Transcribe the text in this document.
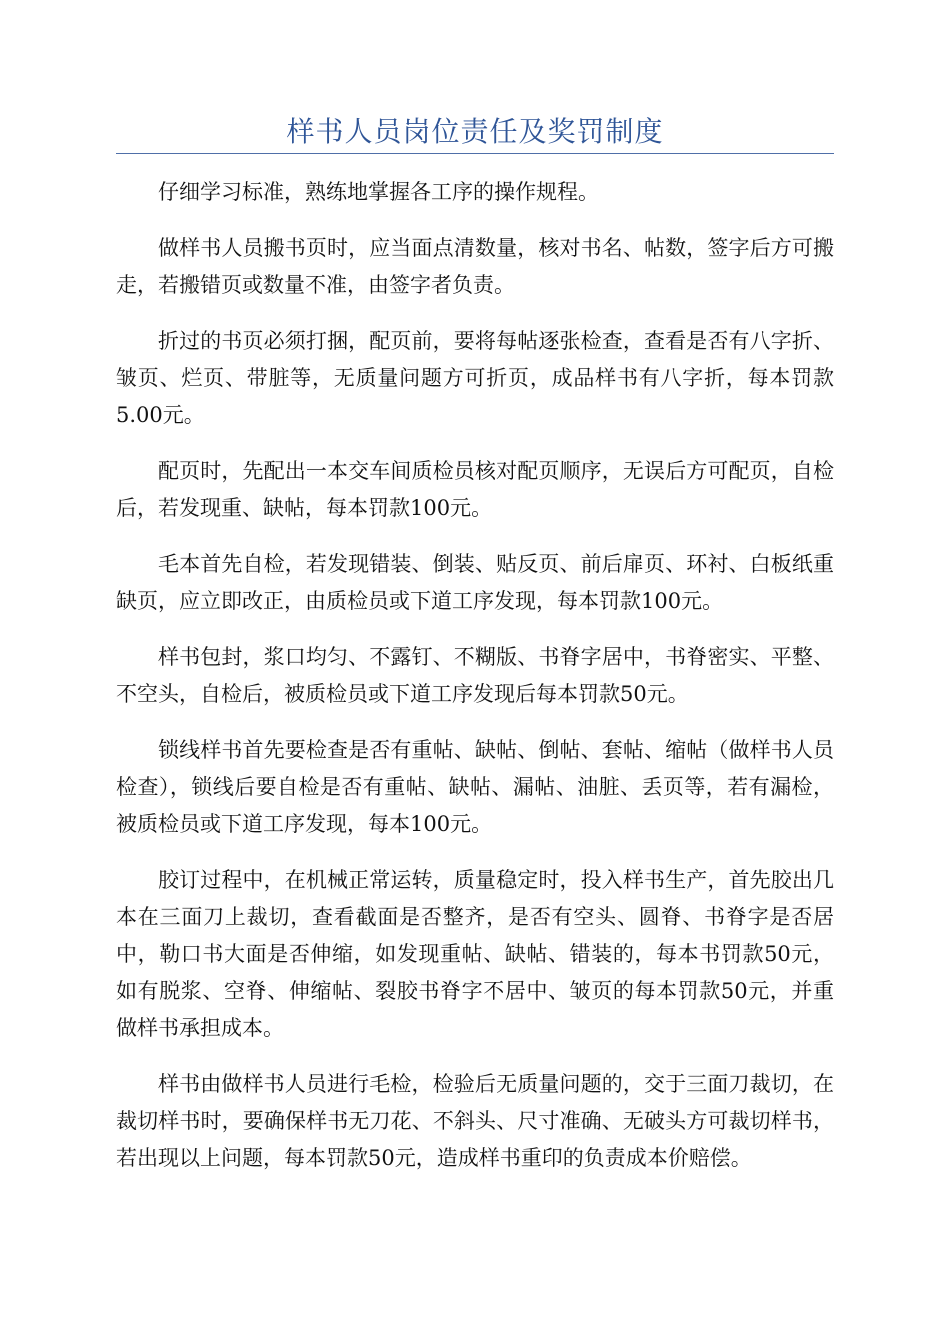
样书人员岗位责任及奖罚制度

仔细学习标准，熟练地掌握各工序的操作规程。

做样书人员搬书页时，应当面点清数量，核对书名、帖数，签字后方可搬走，若搬错页或数量不准，由签字者负责。

折过的书页必须打捆，配页前，要将每帖逐张检查，查看是否有八字折、皱页、烂页、带脏等，无质量问题方可折页，成品样书有八字折，每本罚款5.00元。

配页时，先配出一本交车间质检员核对配页顺序，无误后方可配页，自检后，若发现重、缺帖，每本罚款100元。

毛本首先自检，若发现错装、倒装、贴反页、前后扉页、环衬、白板纸重缺页，应立即改正，由质检员或下道工序发现，每本罚款100元。

样书包封，浆口均匀、不露钉、不糊版、书脊字居中，书脊密实、平整、不空头，自检后，被质检员或下道工序发现后每本罚款50元。

锁线样书首先要检查是否有重帖、缺帖、倒帖、套帖、缩帖（做样书人员检查），锁线后要自检是否有重帖、缺帖、漏帖、油脏、丢页等，若有漏检，被质检员或下道工序发现，每本100元。

胶订过程中，在机械正常运转，质量稳定时，投入样书生产，首先胶出几本在三面刀上裁切，查看截面是否整齐，是否有空头、圆脊、书脊字是否居中，勒口书大面是否伸缩，如发现重帖、缺帖、错装的，每本书罚款50元，如有脱浆、空脊、伸缩帖、裂胶书脊字不居中、皱页的每本罚款50元，并重做样书承担成本。

样书由做样书人员进行毛检，检验后无质量问题的，交于三面刀裁切，在裁切样书时，要确保样书无刀花、不斜头、尺寸准确、无破头方可裁切样书，若出现以上问题，每本罚款50元，造成样书重印的负责成本价赔偿。
